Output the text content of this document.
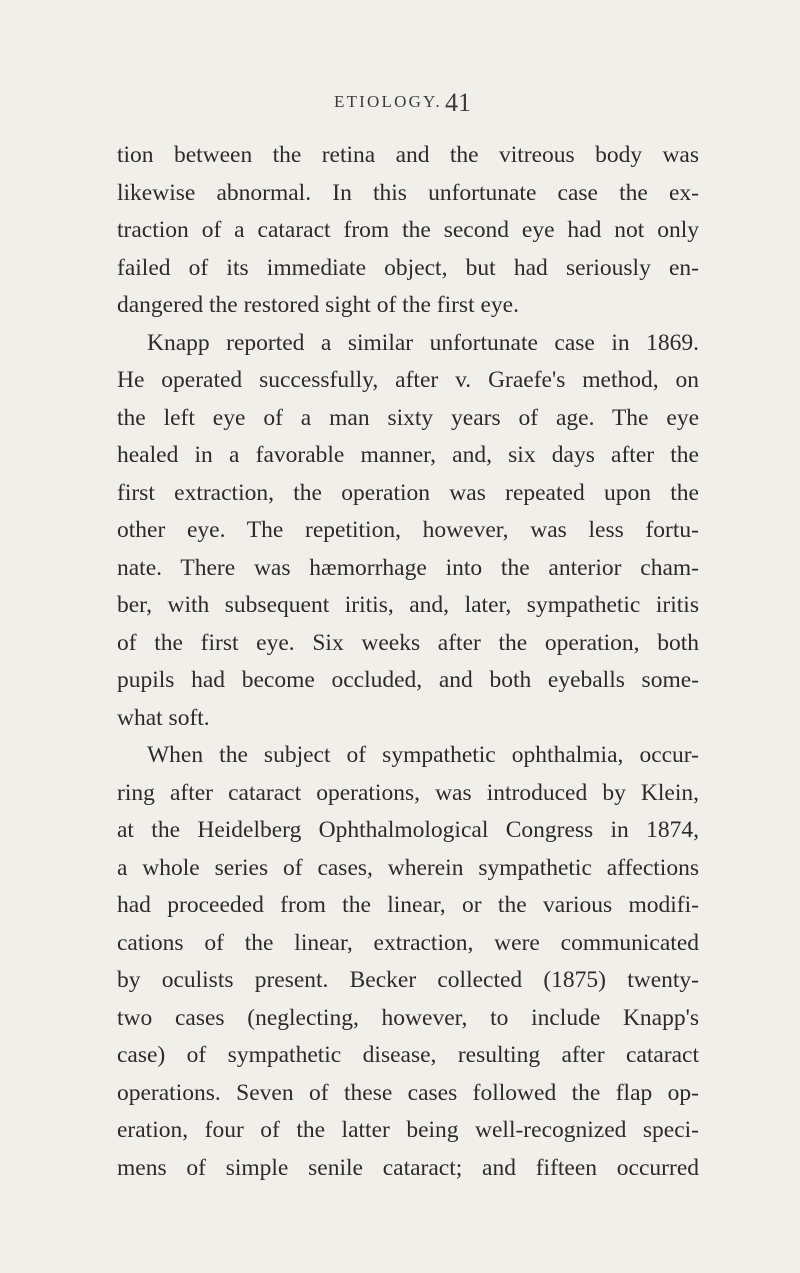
ETIOLOGY. 41
tion between the retina and the vitreous body was
likewise abnormal. In this unfortunate case the ex-
traction of a cataract from the second eye had not only
failed of its immediate object, but had seriously en-
dangered the restored sight of the first eye.
Knapp reported a similar unfortunate case in 1869.
He operated successfully, after v. Graefe's method, on
the left eye of a man sixty years of age. The eye
healed in a favorable manner, and, six days after the
first extraction, the operation was repeated upon the
other eye. The repetition, however, was less fortu-
nate. There was hæmorrhage into the anterior cham-
ber, with subsequent iritis, and, later, sympathetic iritis
of the first eye. Six weeks after the operation, both
pupils had become occluded, and both eyeballs some-
what soft.
When the subject of sympathetic ophthalmia, occur-
ring after cataract operations, was introduced by Klein,
at the Heidelberg Ophthalmological Congress in 1874,
a whole series of cases, wherein sympathetic affections
had proceeded from the linear, or the various modifi-
cations of the linear, extraction, were communicated
by oculists present. Becker collected (1875) twenty-
two cases (neglecting, however, to include Knapp's
case) of sympathetic disease, resulting after cataract
operations. Seven of these cases followed the flap op-
eration, four of the latter being well-recognized speci-
mens of simple senile cataract; and fifteen occurred
